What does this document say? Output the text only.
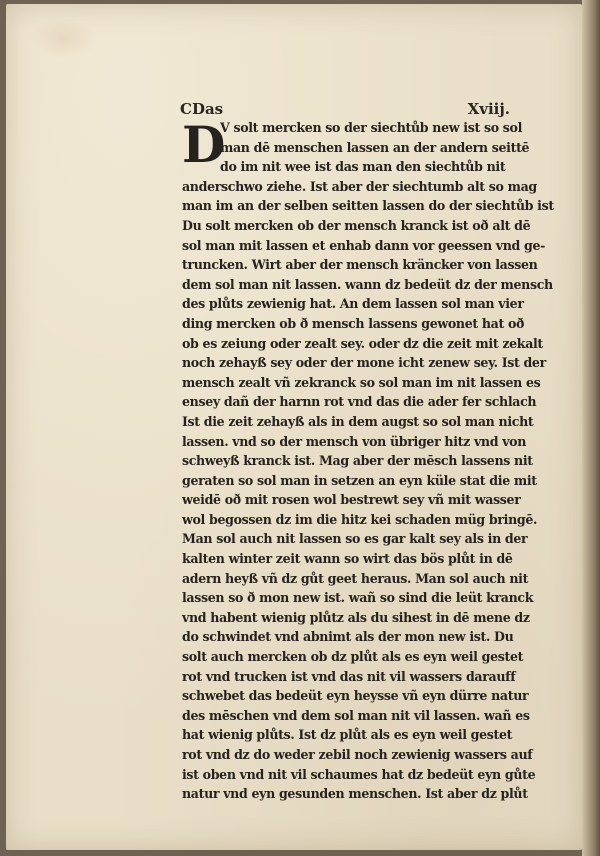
CDas	Xviij.
D
V solt mercken so der siechtůb new ist so sol
man dē menschen lassen an der andern seittē
do im nit wee ist das man den siechtůb nit
anderschwo ziehe. Ist aber der siechtumb alt so mag
man im an der selben seitten lassen do der siechtůb ist
Du solt mercken ob der mensch kranck ist oð alt dē
sol man mit lassen et enhab dann vor geessen vnd ge-
truncken. Wirt aber der mensch kräncker von lassen
dem sol man nit lassen. wann dz bedeüt dz der mensch
des plůts zewienig hat. An dem lassen sol man vier
ding mercken ob ð mensch lassens gewonet hat oð
ob es zeiung oder zealt sey. oder dz die zeit mit zekalt
noch zehayß sey oder der mone icht zenew sey. Ist der
mensch zealt vñ zekranck so sol man im nit lassen es
ensey dañ der harnn rot vnd das die ader fer schlach
Ist die zeit zehayß als in dem augst so sol man nicht
lassen. vnd so der mensch von übriger hitz vnd von
schweyß kranck ist. Mag aber der mēsch lassens nit
geraten so sol man in setzen an eyn küle stat die mit
weidē oð mit rosen wol bestrewt sey vñ mit wasser
wol begossen dz im die hitz kei schaden müg bringē.
Man sol auch nit lassen so es gar kalt sey als in der
kalten winter zeit wann so wirt das bös plůt in dē
adern heyß vñ dz gůt geet heraus. Man sol auch nit
lassen so ð mon new ist. wañ so sind die leüt kranck
vnd habent wienig plůtz als du sihest in dē mene dz
do schwindet vnd abnimt als der mon new ist. Du
solt auch mercken ob dz plůt als es eyn weil gestet
rot vnd trucken ist vnd das nit vil wassers darauff
schwebet das bedeüt eyn heysse vñ eyn dürre natur
des mēschen vnd dem sol man nit vil lassen. wañ es
hat wienig plůts. Ist dz plůt als es eyn weil gestet
rot vnd dz do weder zebil noch zewienig wassers auf
ist oben vnd nit vil schaumes hat dz bedeüt eyn gůte
natur vnd eyn gesunden menschen. Ist aber dz plůt
